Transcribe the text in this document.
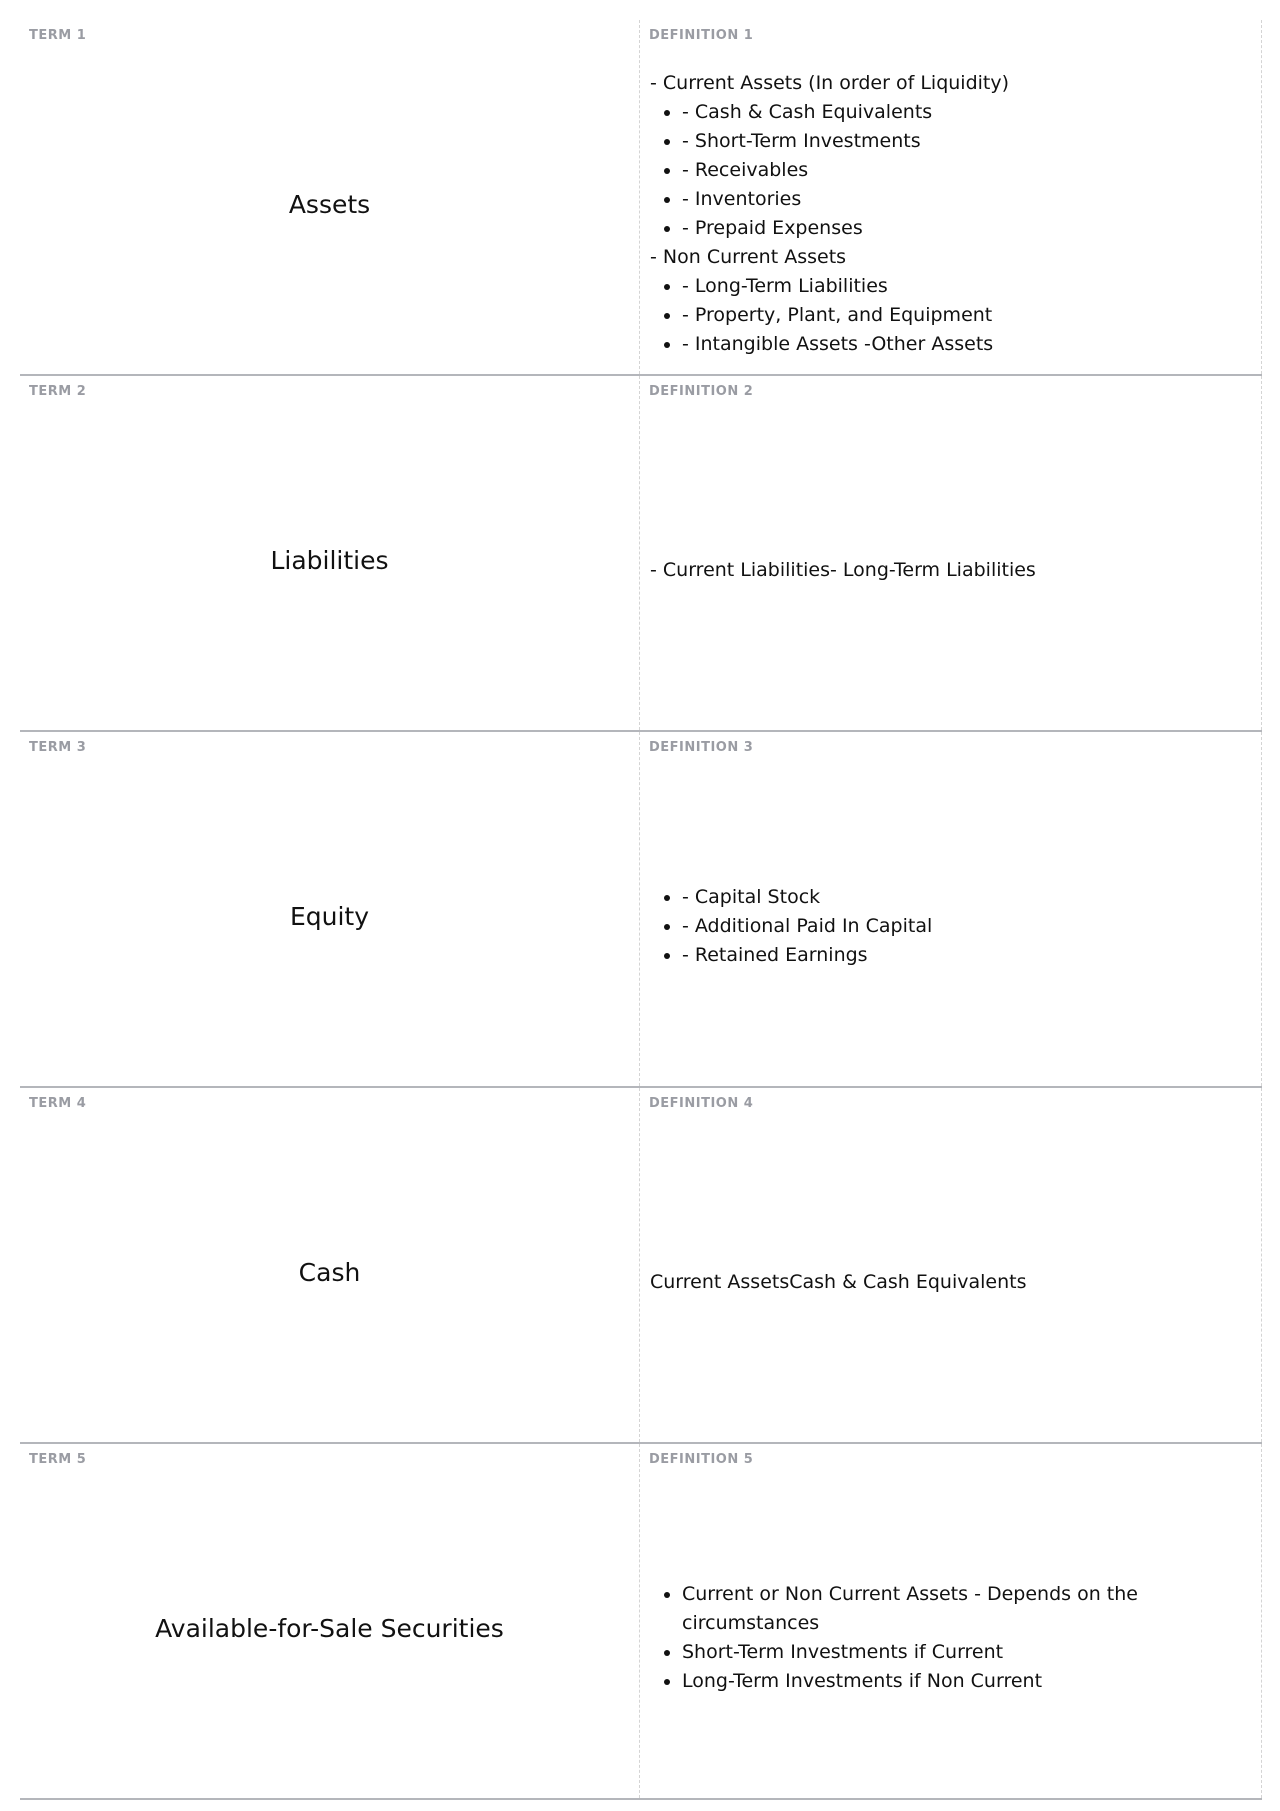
TERM 1
Assets
DEFINITION 1

- Current Assets (In order of Liquidity)

• - Cash & Cash Equivalents
• - Short-Term Investments
• - Receivables
• - Inventories
• - Prepaid Expenses

- Non Current Assets

• - Long-Term Liabilities
• - Property, Plant, and Equipment
• - Intangible Assets -Other Assets
TERM 2
Liabilities
DEFINITION 2

- Current Liabilities- Long-Term Liabilities

TERM 3
Equity
DEFINITION 3
• - Capital Stock
• - Additional Paid In Capital
• - Retained Earnings
TERM 4
Cash
DEFINITION 4

Current AssetsCash & Cash Equivalents

TERM 5
Available-for-Sale Securities
DEFINITION 5
• Current or Non Current Assets - Depends on the circumstances
• Short-Term Investments if Current
• Long-Term Investments if Non Current
